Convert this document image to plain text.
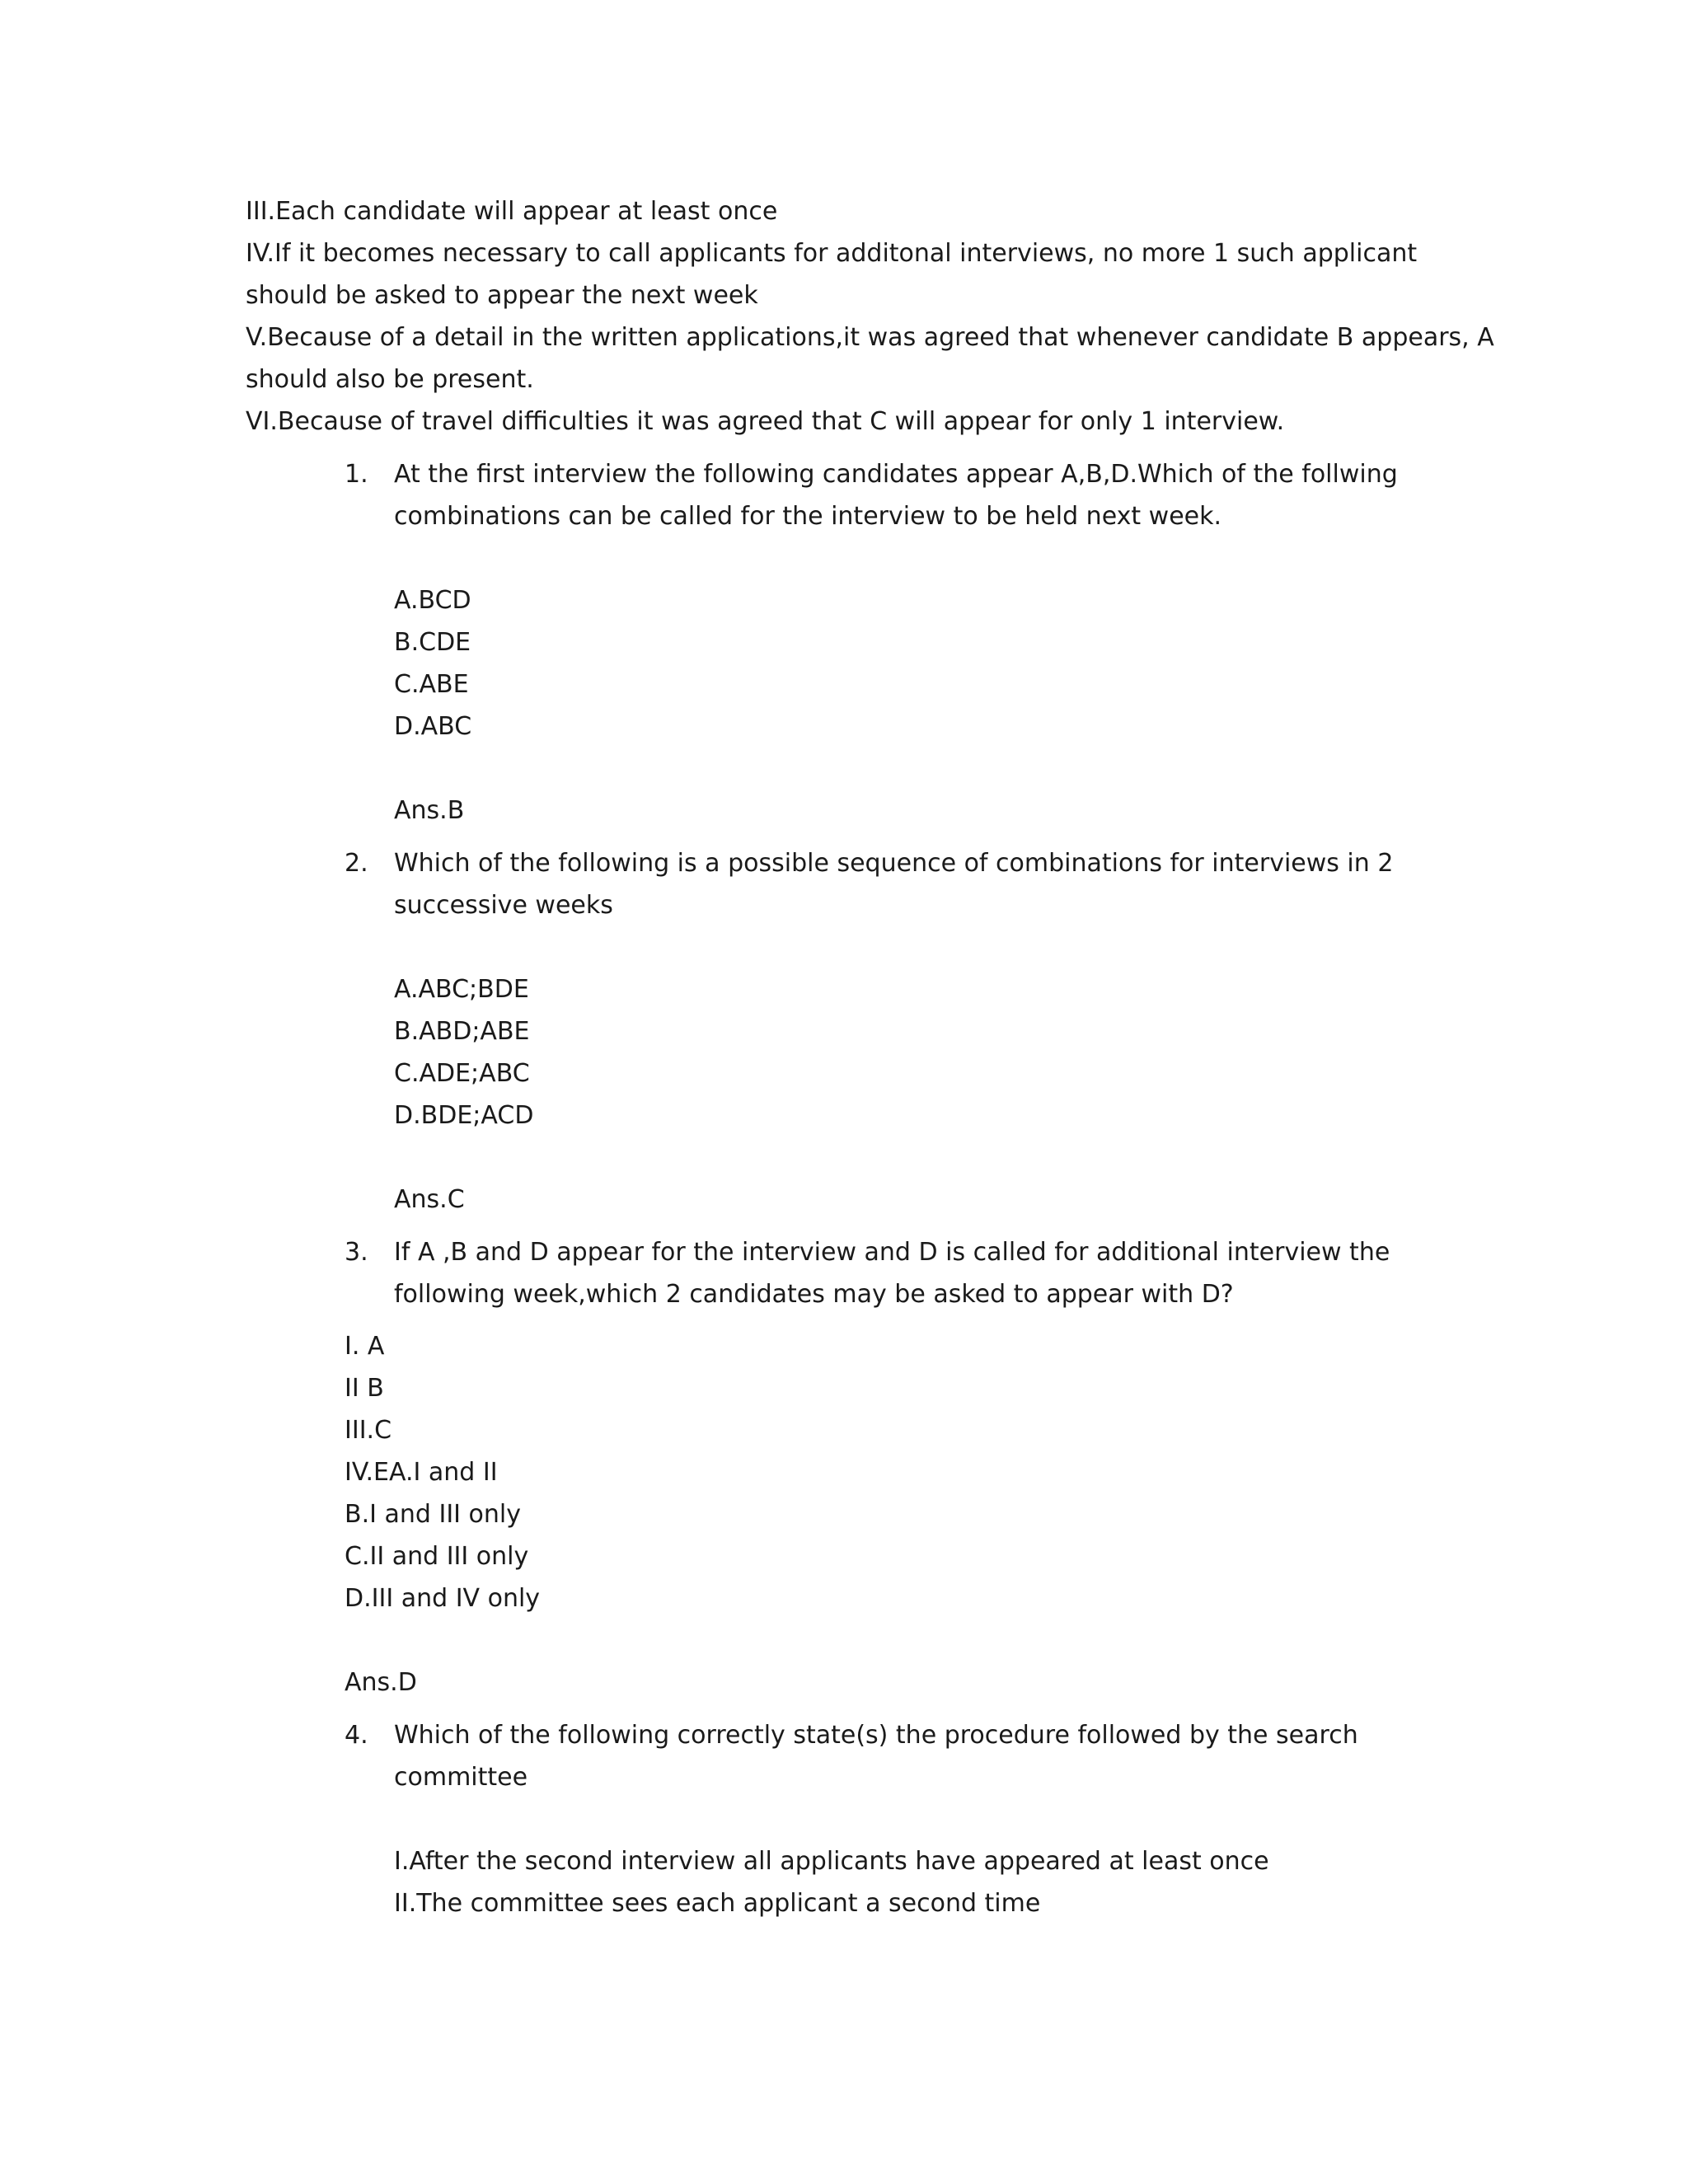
III.Each candidate will appear at least once
IV.If it becomes necessary to call applicants for additonal interviews, no more 1 such applicant
should be asked to appear the next week
V.Because of a detail in the written applications,it was agreed that whenever candidate B appears, A
should also be present.
VI.Because of travel difficulties it was agreed that C will appear for only 1 interview.
1. At the first interview the following candidates appear A,B,D.Which of the follwing
combinations can be called for the interview to be held next week.
A.BCD
B.CDE
C.ABE
D.ABC
Ans.B
2. Which of the following is a possible sequence of combinations for interviews in 2
successive weeks
A.ABC;BDE
B.ABD;ABE
C.ADE;ABC
D.BDE;ACD
Ans.C
3. If A ,B and D appear for the interview and D is called for additional interview the
following week,which 2 candidates may be asked to appear with D?
I. A
II B
III.C
IV.EA.I and II
B.I and III only
C.II and III only
D.III and IV only
Ans.D
4. Which of the following correctly state(s) the procedure followed by the search
committee
I.After the second interview all applicants have appeared at least once
II.The committee sees each applicant a second time
